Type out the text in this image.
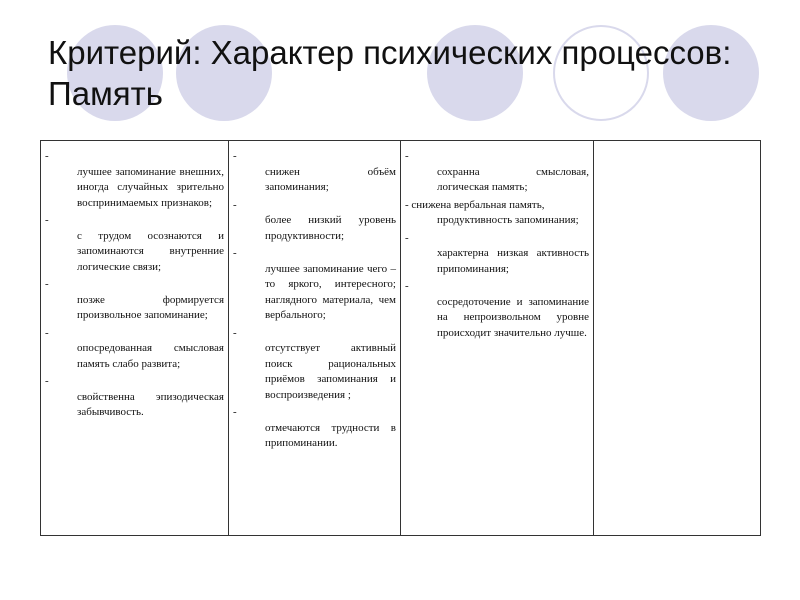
Критерий: Характер психических процессов: Память
-
лучшее запоминание внешних, иногда случайных зрительно воспринимаемых признаков;
-
с трудом осознаются и запоминаются внутренние логические связи;
-
позже формируется произвольное запоминание;
-
опосредованная смысловая память слабо развита;
-
свойственна эпизодическая забывчивость.
-
снижен объём запоминания;
-
более низкий уровень продуктивности;
-
лучшее запоминание чего – то яркого, интересного; наглядного материала, чем вербального;
-
отсутствует активный поиск рациональных приёмов запоминания и воспроизведения ;
-
отмечаются трудности в припоминании.
-
сохранна смысловая, логическая память;
- снижена вербальная память,
продуктивность запоминания;
-
характерна низкая активность припоминания;
-
сосредоточение и запоминание на непроизвольном уровне происходит значительно лучше.
